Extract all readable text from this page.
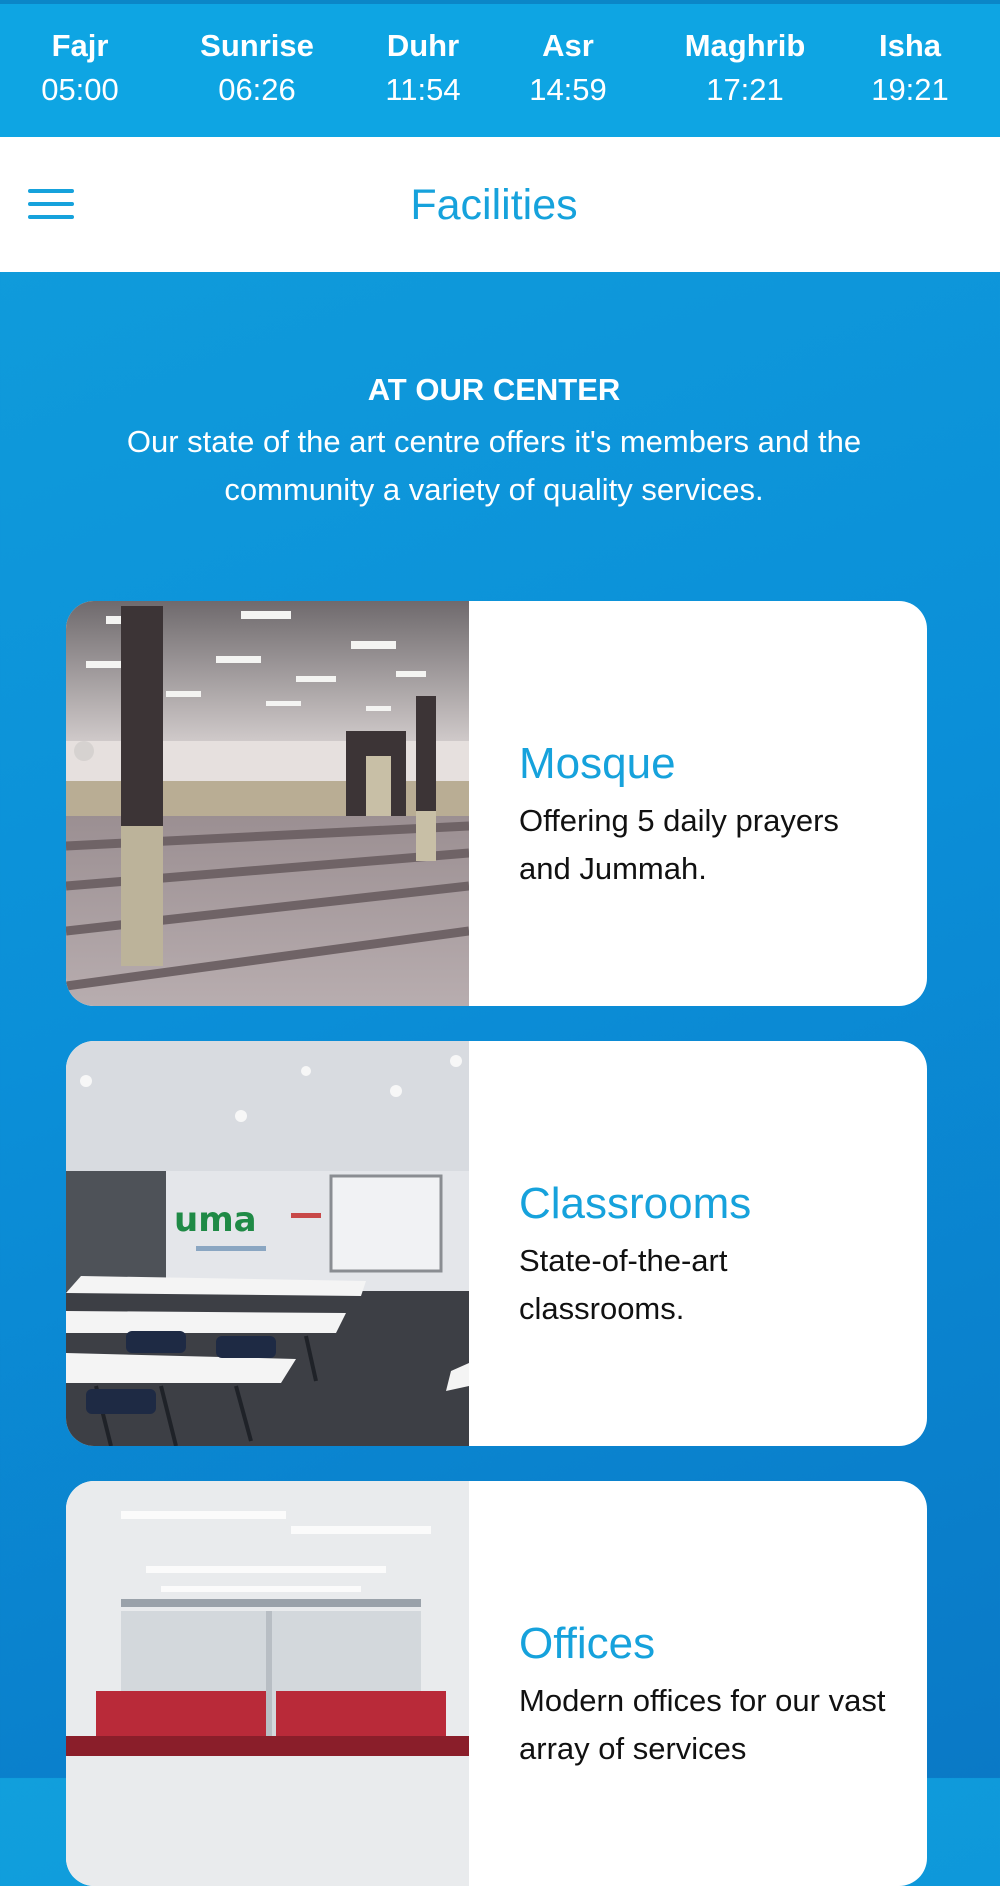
Fajr
05:00
Sunrise
06:26
Duhr
11:54
Asr
14:59
Maghrib
17:21
Isha
19:21
Facilities
AT OUR CENTER
Our state of the art centre offers it's members and the community a variety of quality services.
Mosque
Offering 5 daily prayers and Jummah.
uma	Classrooms
State-of-the-art classrooms.
Offices
Modern offices for our vast array of services
